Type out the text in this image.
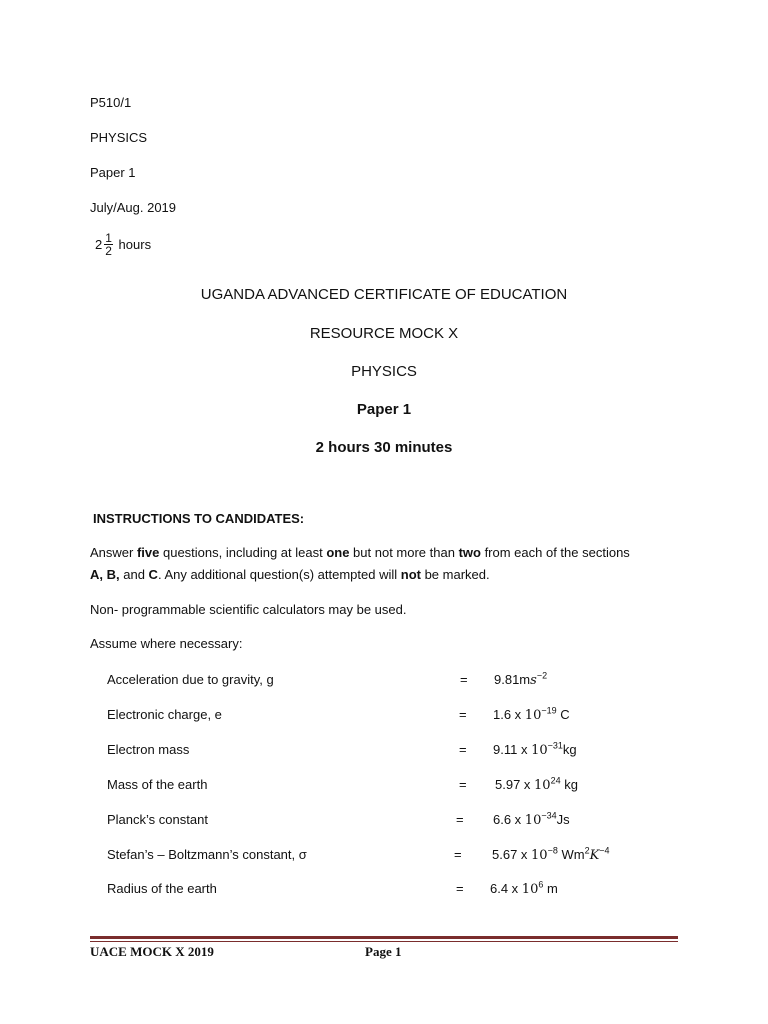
P510/1
PHYSICS
Paper 1
July/Aug. 2019
$2 \frac{1}{2}$ hours
UGANDA ADVANCED CERTIFICATE OF EDUCATION
RESOURCE MOCK X
PHYSICS
Paper 1
2 hours 30 minutes
INSTRUCTIONS TO CANDIDATES:
Answer five questions, including at least one but not more than two from each of the sections
A, B, and C. Any additional question(s) attempted will not be marked.
Non- programmable scientific calculators may be used.
Assume where necessary:
Acceleration due to gravity, g	= $9.81ms^{-2}$
Electronic charge, e	= 1.6 x $10^{-19}$ C
Electron mass	= 9.11 x $10^{-31}kg$
Mass of the earth	= 5.97 x $10^{24}$ kg
Planck’s constant	= 6.6 x $10^{-34}Js$
Stefan’s – Boltzmann’s constant, σ	= 5.67 x $10^{-8}$ $Wm^2K^{-4}$
Radius of the earth	= 6.4 x $10^6$ m
UACE MOCK X 2019	Page 1
